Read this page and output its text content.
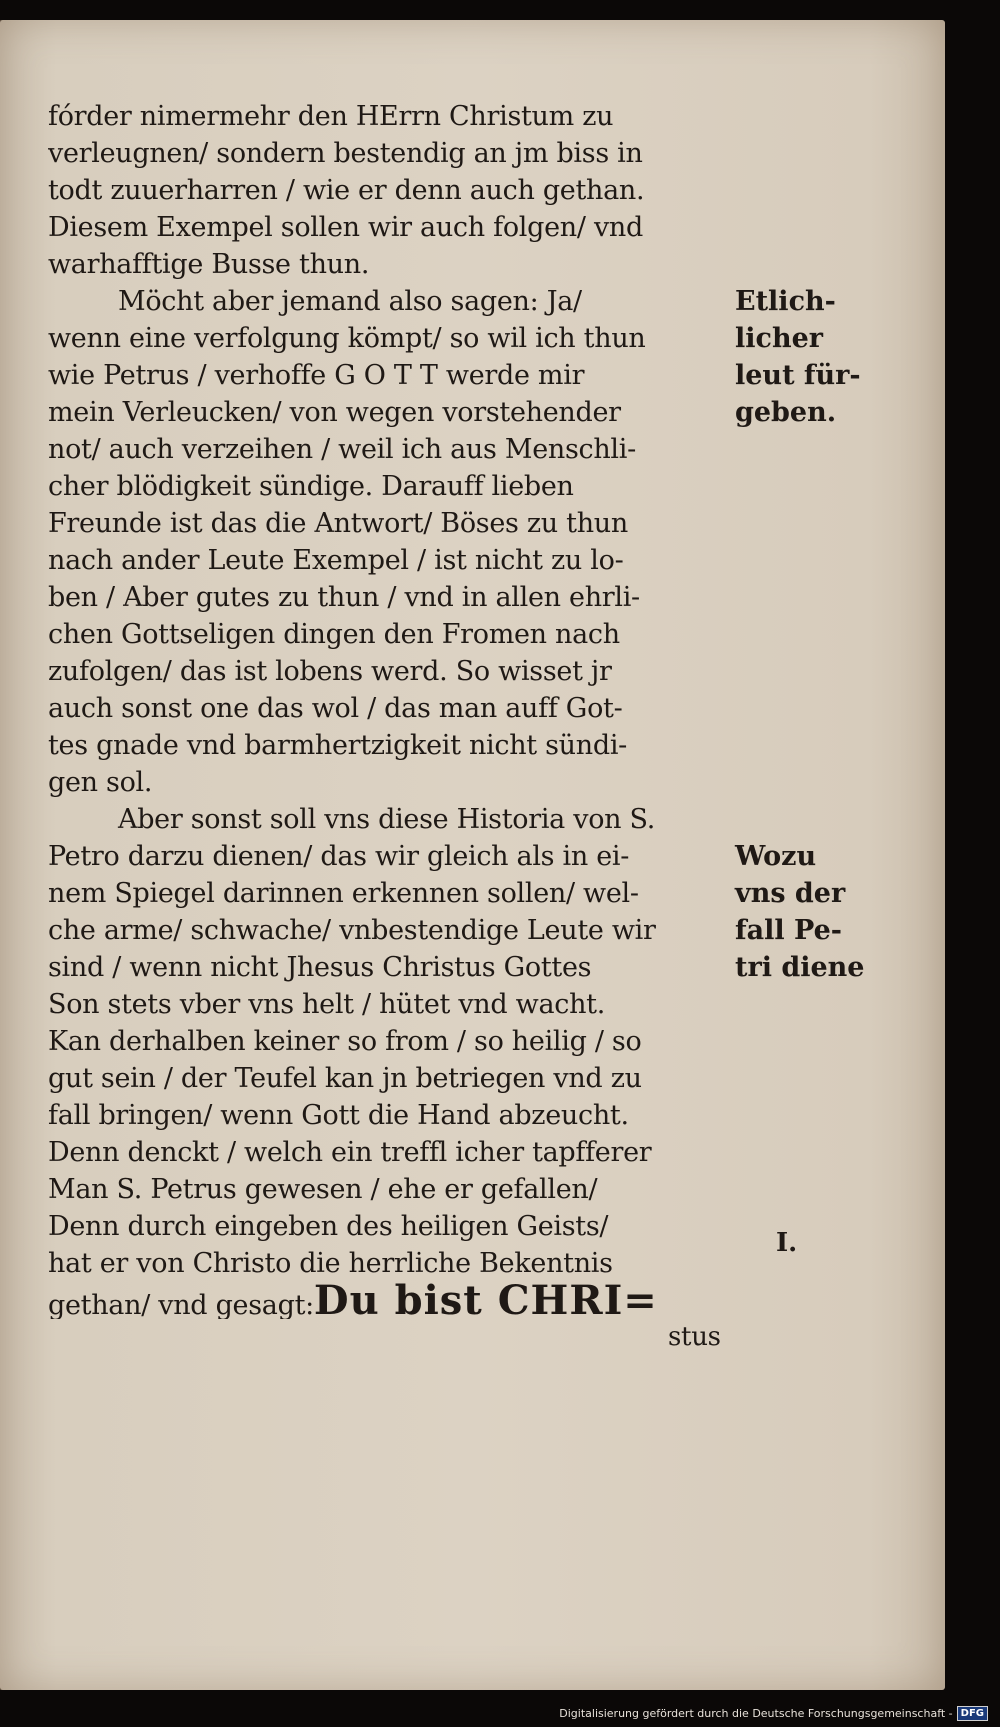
fórder nimermehr den HErrn Christum zu
verleugnen/ sondern bestendig an jm biss in
todt zuuerharren / wie er denn auch gethan.
Diesem Exempel sollen wir auch folgen/ vnd
warhafftige Busse thun.
Möcht aber jemand also sagen: Ja/
wenn eine verfolgung kömpt/ so wil ich thun
wie Petrus / verhoffe G O T T werde mir
mein Verleucken/ von wegen vorstehender
not/ auch verzeihen / weil ich aus Menschli-
cher blödigkeit sündige. Darauff lieben
Freunde ist das die Antwort/ Böses zu thun
nach ander Leute Exempel / ist nicht zu lo-
ben / Aber gutes zu thun / vnd in allen ehrli-
chen Gottseligen dingen den Fromen nach
zufolgen/ das ist lobens werd. So wisset jr
auch sonst one das wol / das man auff Got-
tes gnade vnd barmhertzigkeit nicht sündi-
gen sol.
Aber sonst soll vns diese Historia von S.
Petro darzu dienen/ das wir gleich als in ei-
nem Spiegel darinnen erkennen sollen/ wel-
che arme/ schwache/ vnbestendige Leute wir
sind / wenn nicht Jhesus Christus Gottes
Son stets vber vns helt / hütet vnd wacht.
Kan derhalben keiner so from / so heilig / so
gut sein / der Teufel kan jn betriegen vnd zu
fall bringen/ wenn Gott die Hand abzeucht.
Denn denckt / welch ein treffl icher tapfferer
Man S. Petrus gewesen / ehe er gefallen/
Denn durch eingeben des heiligen Geists/
hat er von Christo die herrliche Bekentnis
gethan/ vnd gesagt:Du bist CHRI=
stus
Etlich-
licher
leut für-
geben.
Wozu
vns der
fall Pe-
tri diene
I.
Digitalisierung gefördert durch die Deutsche Forschungsgemeinschaft - DFG
